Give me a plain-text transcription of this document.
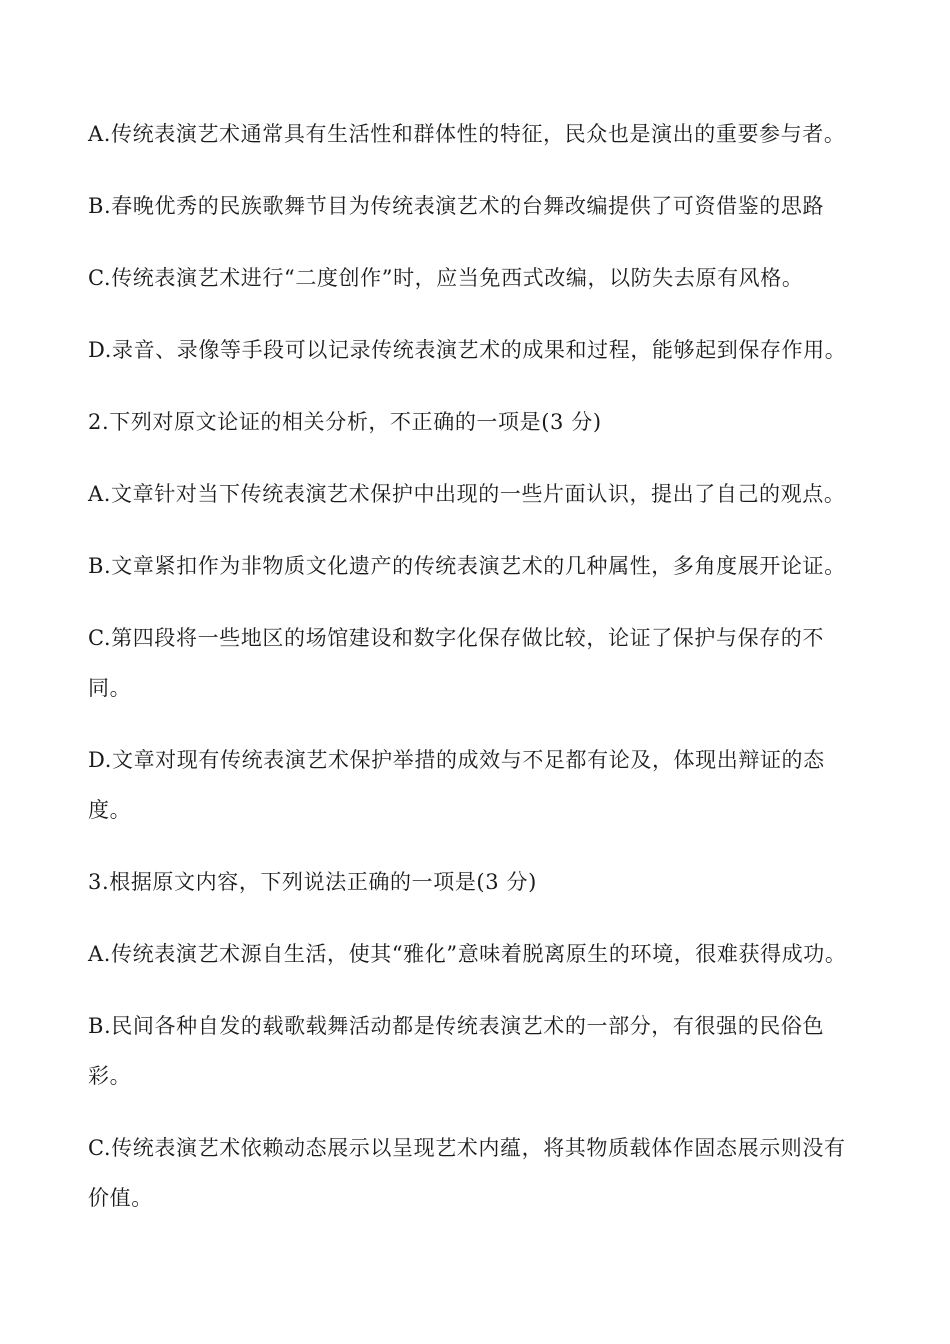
A.传统表演艺术通常具有生活性和群体性的特征，民众也是演出的重要参与者。
B.春晚优秀的民族歌舞节目为传统表演艺术的台舞改编提供了可资借鉴的思路
C.传统表演艺术进行“二度创作”时，应当免西式改编，以防失去原有风格。
D.录音、录像等手段可以记录传统表演艺术的成果和过程，能够起到保存作用。
2.下列对原文论证的相关分析，不正确的一项是(3 分)
A.文章针对当下传统表演艺术保护中出现的一些片面认识，提出了自己的观点。
B.文章紧扣作为非物质文化遗产的传统表演艺术的几种属性，多角度展开论证。
C.第四段将一些地区的场馆建设和数字化保存做比较，论证了保护与保存的不
同。
D.文章对现有传统表演艺术保护举措的成效与不足都有论及，体现出辩证的态
度。
3.根据原文内容，下列说法正确的一项是(3 分)
A.传统表演艺术源自生活，使其“雅化”意味着脱离原生的环境，很难获得成功。
B.民间各种自发的载歌载舞活动都是传统表演艺术的一部分，有很强的民俗色
彩。
C.传统表演艺术依赖动态展示以呈现艺术内蕴，将其物质载体作固态展示则没有
价值。
